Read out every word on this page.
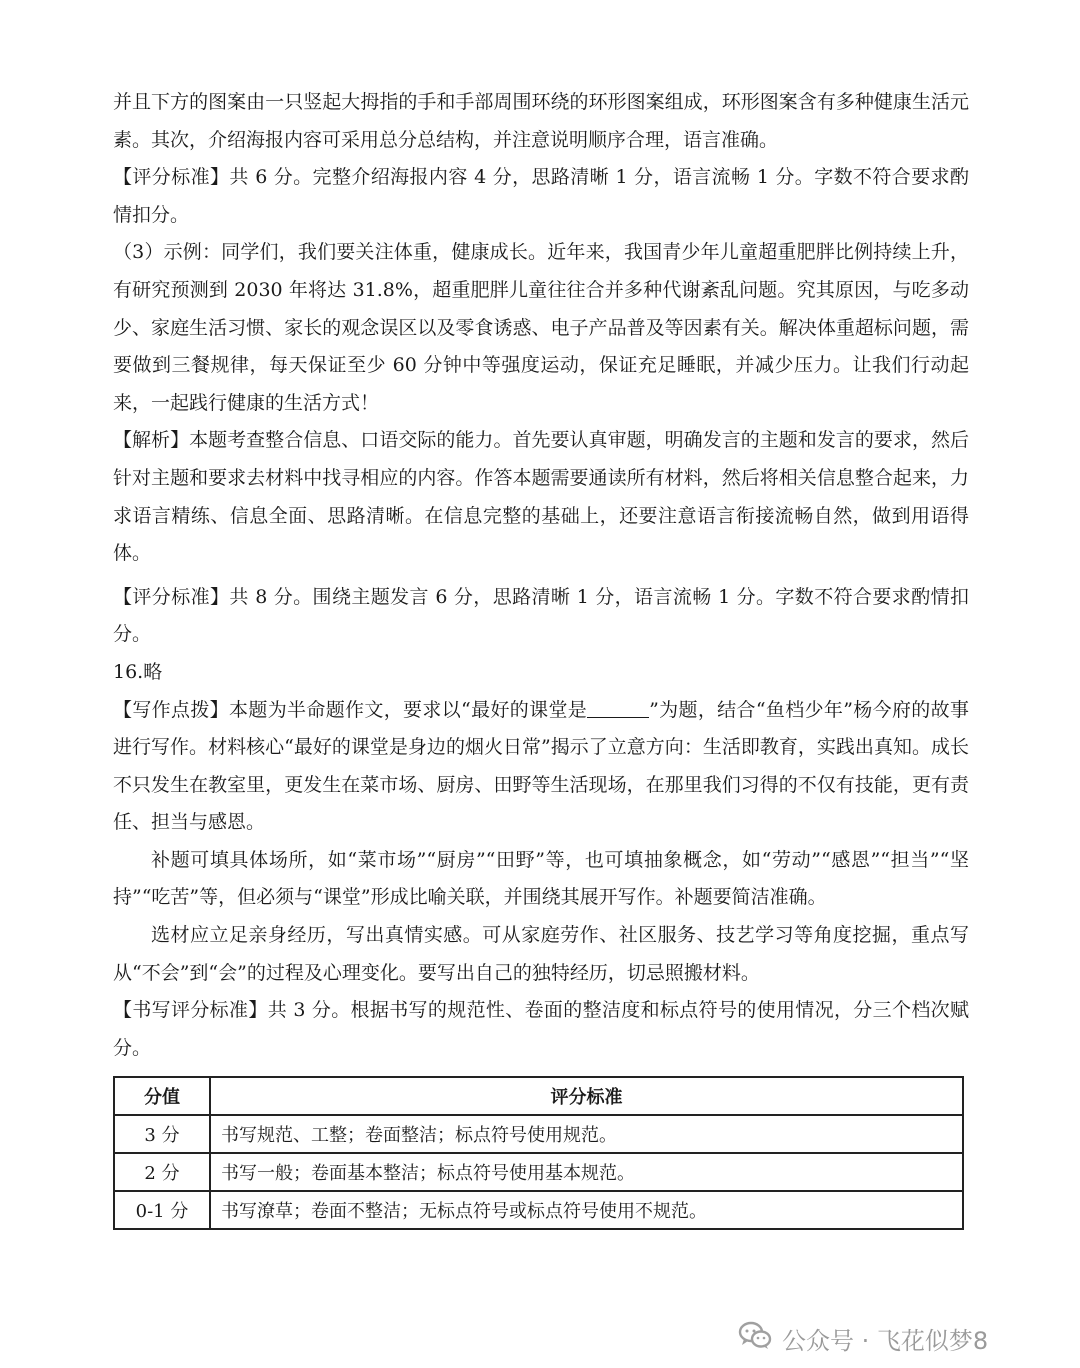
并且下方的图案由一只竖起大拇指的手和手部周围环绕的环形图案组成，环形图案含有多种健康生活元素。其次，介绍海报内容可采用总分总结构，并注意说明顺序合理，语言准确。

【评分标准】共 6 分。完整介绍海报内容 4 分，思路清晰 1 分，语言流畅 1 分。字数不符合要求酌情扣分。

（3）示例：同学们，我们要关注体重，健康成长。近年来，我国青少年儿童超重肥胖比例持续上升，有研究预测到 2030 年将达 31.8%，超重肥胖儿童往往合并多种代谢紊乱问题。究其原因，与吃多动少、家庭生活习惯、家长的观念误区以及零食诱惑、电子产品普及等因素有关。解决体重超标问题，需要做到三餐规律，每天保证至少 60 分钟中等强度运动，保证充足睡眠，并减少压力。让我们行动起来，一起践行健康的生活方式！

【解析】本题考查整合信息、口语交际的能力。首先要认真审题，明确发言的主题和发言的要求，然后针对主题和要求去材料中找寻相应的内容。作答本题需要通读所有材料，然后将相关信息整合起来，力求语言精练、信息全面、思路清晰。在信息完整的基础上，还要注意语言衔接流畅自然，做到用语得体。

【评分标准】共 8 分。围绕主题发言 6 分，思路清晰 1 分，语言流畅 1 分。字数不符合要求酌情扣分。

16.略

【写作点拨】本题为半命题作文，要求以“最好的课堂是	”为题，结合“鱼档少年”杨今府的故事进行写作。材料核心“最好的课堂是身边的烟火日常”揭示了立意方向：生活即教育，实践出真知。成长不只发生在教室里，更发生在菜市场、厨房、田野等生活现场，在那里我们习得的不仅有技能，更有责任、担当与感恩。

补题可填具体场所，如“菜市场”“厨房”“田野”等，也可填抽象概念，如“劳动”“感恩”“担当”“坚持”“吃苦”等，但必须与“课堂”形成比喻关联，并围绕其展开写作。补题要简洁准确。

选材应立足亲身经历，写出真情实感。可从家庭劳作、社区服务、技艺学习等角度挖掘，重点写从“不会”到“会”的过程及心理变化。要写出自己的独特经历，切忌照搬材料。

【书写评分标准】共 3 分。根据书写的规范性、卷面的整洁度和标点符号的使用情况，分三个档次赋分。

分值	评分标准
3 分	书写规范、工整；卷面整洁；标点符号使用规范。
2 分	书写一般；卷面基本整洁；标点符号使用基本规范。
0-1 分	书写潦草；卷面不整洁；无标点符号或标点符号使用不规范。
公众号 · 飞花似梦8
